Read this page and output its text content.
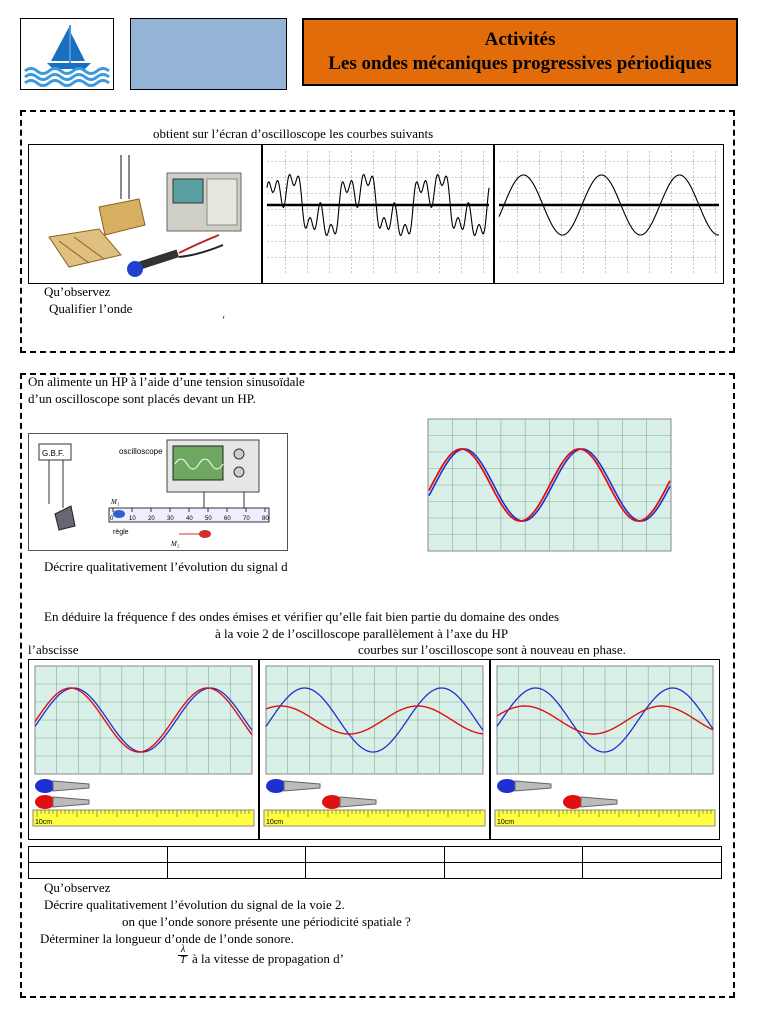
Activités
Les ondes mécaniques progressives périodiques
obtient sur l’écran d’oscilloscope les courbes suivants
Qu’observez
Qualifier l’onde
‘
On alimente un HP à l’aide d’une tension sinusoïdale
d’un oscilloscope sont placés devant un HP.
G.B.F.	oscilloscope
M₁
0	10 20 30 40 50 60 70 80
règle
M₂
Décrire qualitativement l’évolution du signal d
En déduire la fréquence f des ondes émises et vérifier qu’elle fait bien partie du domaine des ondes
à la voie 2 de l’oscilloscope parallèlement à l’axe du HP
l’abscisse	courbes sur l’oscilloscope sont à nouveau en phase.
10cm	10cm	10cm

Qu’observez
Décrire qualitativement l’évolution du signal de la voie 2.
on que l’onde sonore présente une périodicité spatiale ?
Déterminer la longueur d’onde de l’onde sonore.
$\frac{\lambda}{T}$ à la vitesse de propagation d’
